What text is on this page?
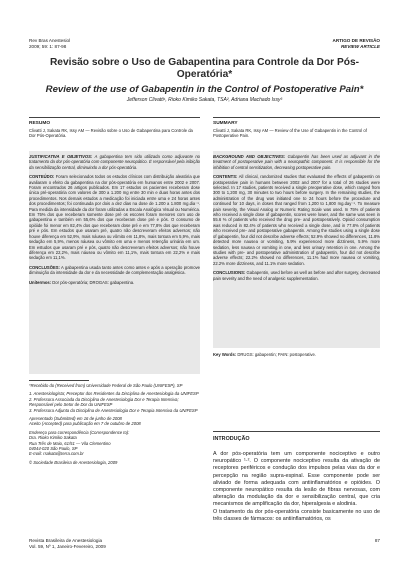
Rev Bras Anestesiol
2009; 59: 1: 87-98
ARTIGO DE REVISÃO
REVIEW ARTICLE
Revisão sobre o Uso de Gabapentina para Controle da Dor Pós-Operatória*
Review of the use of Gabapentin in the Control of Postoperative Pain*
Jefferson Clivatti¹, Rioko Kimiko Sakata, TSA², Adriana Machado Issy³
RESUMO
Clivatti J, Sakata RK, Issy AM — Revisão sobre o Uso de Gabapentina para Controle da Dor Pós-Operatória.

JUSTIFICATIVA E OBJETIVOS: A gabapentina tem sido utilizada como adjuvante no tratamento da dor pós-operatória com componente neuropático. É responsável pela inibição da sensibilização central, diminuindo a dor pós-operatória.

CONTEÚDO: Foram selecionados todos os estudos clínicos com distribuição aleatória que avaliaram o efeito da gabapentina na dor pós-operatória em humanos entre 2002 e 2007. Foram encontrados 26 artigos publicados. Em 17 estudos os pacientes receberam dose única pré-operatória com valores de 300 a 1.200 mg entre 30 min e duas horas antes dos procedimentos. Nos demais estudos a medicação foi iniciada entre uma e 24 horas antes dos procedimentos; foi continuada por dois a dez dias na dose de 1.200 a 1.800 mg.dia⁻¹. Para medida da intensidade da dor foram utilizadas a Escala Analógica Visual ou Numérica. Em 75% dos que receberam somente dose pré os escores foram menores com uso de gabapentina e também em 55,6% dos que receberam dose pré e pós. O consumo de opióide foi menor em 82,4% dos que receberam dose pré e em 77,8% dos que receberam pré e pós. Em estudos que usaram pré, quatro não descreveram efeitos adversos; não houve diferença em 52,9%, mais náusea ou vômito em 11,8%, mais tontura em 5,9%, mais sedação em 5,9%, menos náusea ou vômito em uma e menos retenção urinária em um. Em estudos que usaram pré e pós, quatro não descreveram efeitos adversos; não houve diferença em 22,2%, mais náusea ou vômito em 11,1%, mais tontura em 22,2% e mais sedação em 11,1%.

CONCLUSÕES: A gabapentina usada tanto antes como antes e após a operação promove diminuição da intensidade da dor e da necessidade de complementação analgésica.

Unitermos: Dor pós-operatória; DROGAS: gabapentina.

*Recebido do (Received from) Universidade Federal de São Paulo (UNIFESP), SP
1. Anestesiologista; Preceptor dos Residentes da Disciplina de Anestesiologia da UNIFESP
2. Professora Associada da Disciplina de Anestesiologia Dor e Terapia Intensiva; Responsável pelo Setor de Dor da UNIFESP
3. Professora Adjunta da Disciplina de Anestesiologia Dor e Terapia Intensiva da UNIFESP
Apresentado (Submitted) em 16 de junho de 2008
Aceito (Accepted) para publicação em 7 de outubro de 2008
Endereço para correspondência (Correspondence to):
Dra. Rioko Kimiko Sakata
Rua Três de Maio, 61/51 — Vila Clementino
04044-020 São Paulo, SP
E-mail: rsakata@terra.com.br
© Sociedade Brasileira de Anestesiologia, 2009
SUMMARY
Clivatti J, Sakata RK, Issy AM — Review of the Use of Gabapentin in the Control of Postoperative Pain.

BACKGROUND AND OBJECTIVES: Gabapentin has been used as adjuvant in the treatment of postoperative pain with a neuropathic component. It is responsible for the inhibition of central sensitization, decreasing postoperative pain.

CONTENTS: All clinical, randomized studies that evaluated the effects of gabapentin on postoperative pain in humans between 2002 and 2007 for a total of 26 studies were selected. In 17 studies, patients received a single preoperative dose, which ranged from 300 to 1,200 mg, 30 minutes to two hours before surgery. In the remaining studies, the administration of the drug was initiated one to 24 hours before the procedure and continued for 10 days, in doses that ranged from 1,200 to 1,800 mg.day⁻¹. To measure pain severity, the Visual Analog or Numeric Rating Scale was used. In 75% of patients who received a single dose of gabapentin, scores were lower, and the same was seen in 55.6 % of patients who received the drug pre- and postoperatively. Opioid consumption was reduced in 82.4% of patients who received a single dose, and in 77.8% of patients who received pre- and postoperative gabapentin. Among the studies using a single dose of gabapentin, four did not describe adverse effects; 52.9% showed no differences, 11.8% detected more nausea or vomiting, 5.9% experienced more dizziness, 5.9% more sedation, less nausea or vomiting in one, and less urinary retention in one. Among the studies with pre- and postoperative administration of gabapentin, four did not describe adverse effects; 22.2% showed no differences, 11.1% had more nausea or vomiting, 22.2% more dizziness, and 11.1% more sedation.

CONCLUSIONS: Gabapentin, used before as well as before and after surgery, decreased pain severity and the need of analgesic supplementation.

Key Words: DRUGS: gabapentin; PAIN: postoperative.
INTRODUÇÃO
A dor pós-operatória tem um componente nociceptivo e outro neuropático ¹·². O componente nociceptivo resulta da ativação de receptores periféricos e condução dos impulsos pelas vias da dor e percepção na região supra-espinal. Esse componente pode ser aliviado de forma adequada com antiinflamatórios e opióides. O componente neuropático resulta da lesão de fibras nervosas, com alteração da modulação da dor e sensibilização central, que cria mecanismos de amplificação da dor, hiperalgesia e alodinia.
O tratamento da dor pós-operatória consiste basicamente no uso de três classes de fármacos: os antiinflamatórios, os
Revista Brasileira de Anestesiologia
Vol. 59, Nº 1, Janeiro-Fevereiro, 2009
87
